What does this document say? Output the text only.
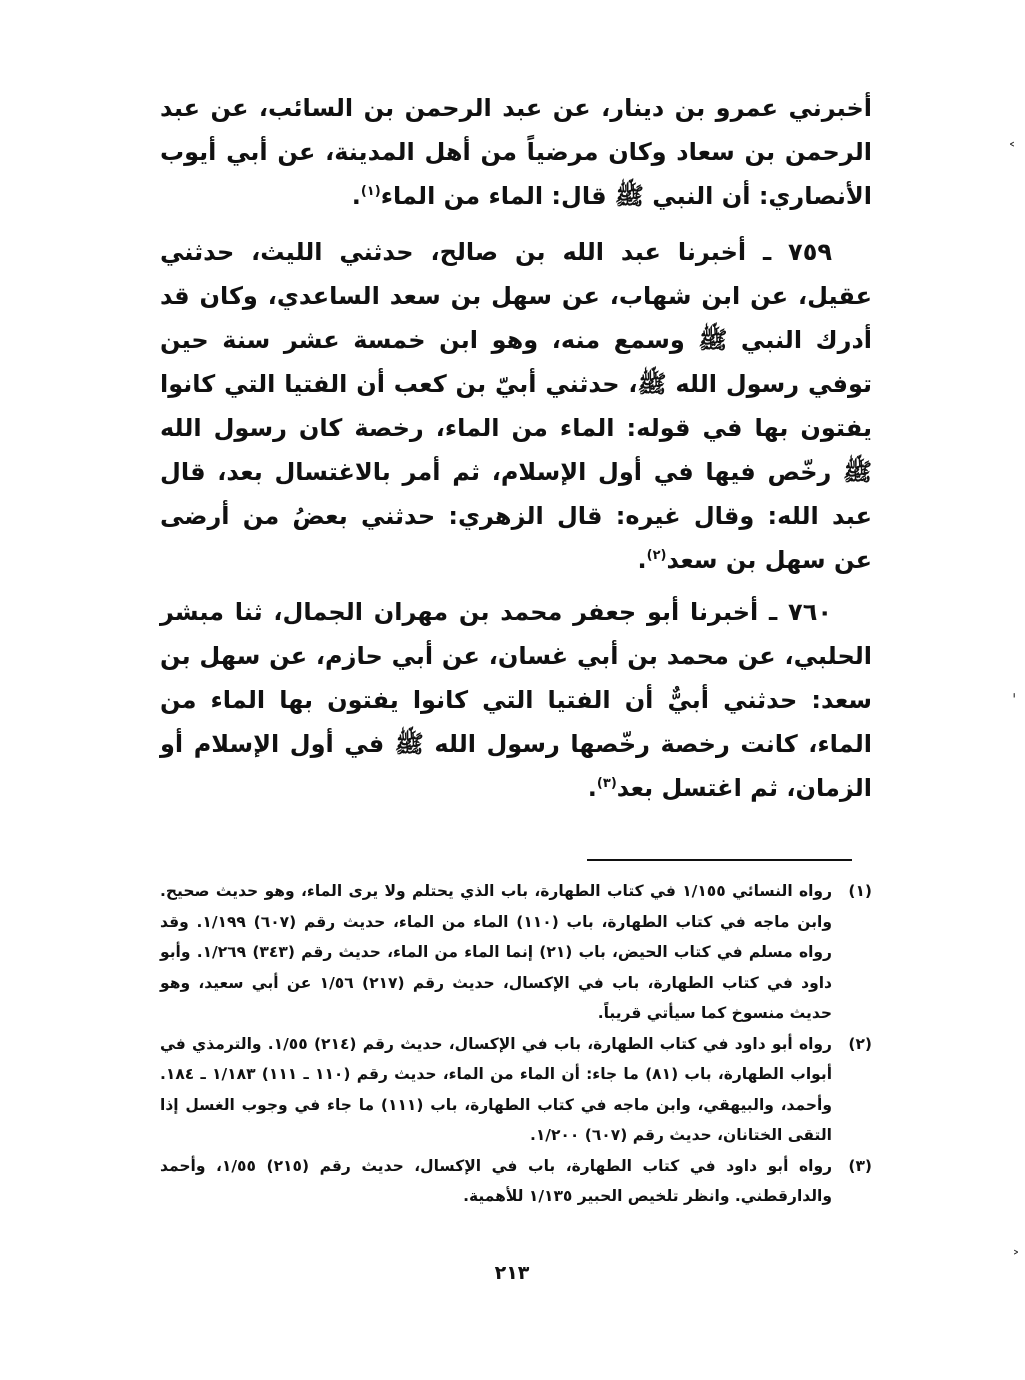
أخبرني عمرو بن دينار، عن عبد الرحمن بن السائب، عن عبد الرحمن بن سعاد وكان مرضياً من أهل المدينة، عن أبي أيوب الأنصاري: أن النبي ﷺ قال: الماء من الماء$^{(١)}$.

٧٥٩ ـ أخبرنا عبد الله بن صالح، حدثني الليث، حدثني عقيل، عن ابن شهاب، عن سهل بن سعد الساعدي، وكان قد أدرك النبي ﷺ وسمع منه، وهو ابن خمسة عشر سنة حين توفي رسول الله ﷺ، حدثني أبيّ بن كعب أن الفتيا التي كانوا يفتون بها في قوله: الماء من الماء، رخصة كان رسول الله ﷺ رخّص فيها في أول الإسلام، ثم أمر بالاغتسال بعد، قال عبد الله: وقال غيره: قال الزهري: حدثني بعضُ من أرضى عن سهل بن سعد$^{(٢)}$.

٧٦٠ ـ أخبرنا أبو جعفر محمد بن مهران الجمال، ثنا مبشر الحلبي، عن محمد بن أبي غسان، عن أبي حازم، عن سهل بن سعد: حدثني أبيٌّ أن الفتيا التي كانوا يفتون بها الماء من الماء، كانت رخصة رخّصها رسول الله ﷺ في أول الإسلام أو الزمان، ثم اغتسل بعد$^{(٣)}$.

(١)
رواه النسائي ١/١٥٥ في كتاب الطهارة، باب الذي يحتلم ولا يرى الماء، وهو حديث صحيح. وابن ماجه في كتاب الطهارة، باب (١١٠) الماء من الماء، حديث رقم (٦٠٧) ١/١٩٩. وقد رواه مسلم في كتاب الحيض، باب (٢١) إنما الماء من الماء، حديث رقم (٣٤٣) ١/٢٦٩. وأبو داود في كتاب الطهارة، باب في الإكسال، حديث رقم (٢١٧) ١/٥٦ عن أبي سعيد، وهو حديث منسوخ كما سيأتي قريباً.

(٢)
رواه أبو داود في كتاب الطهارة، باب في الإكسال، حديث رقم (٢١٤) ١/٥٥. والترمذي في أبواب الطهارة، باب (٨١) ما جاء: أن الماء من الماء، حديث رقم (١١٠ ـ ١١١) ١/١٨٣ ـ ١٨٤. وأحمد، والبيهقي، وابن ماجه في كتاب الطهارة، باب (١١١) ما جاء في وجوب الغسل إذا التقى الختانان، حديث رقم (٦٠٧) ١/٢٠٠.

(٣)
رواه أبو داود في كتاب الطهارة، باب في الإكسال، حديث رقم (٢١٥) ١/٥٥، وأحمد والدارقطني. وانظر تلخيص الحبير ١/١٣٥ للأهمية.

٢١٣
˂
ˌ
˃
